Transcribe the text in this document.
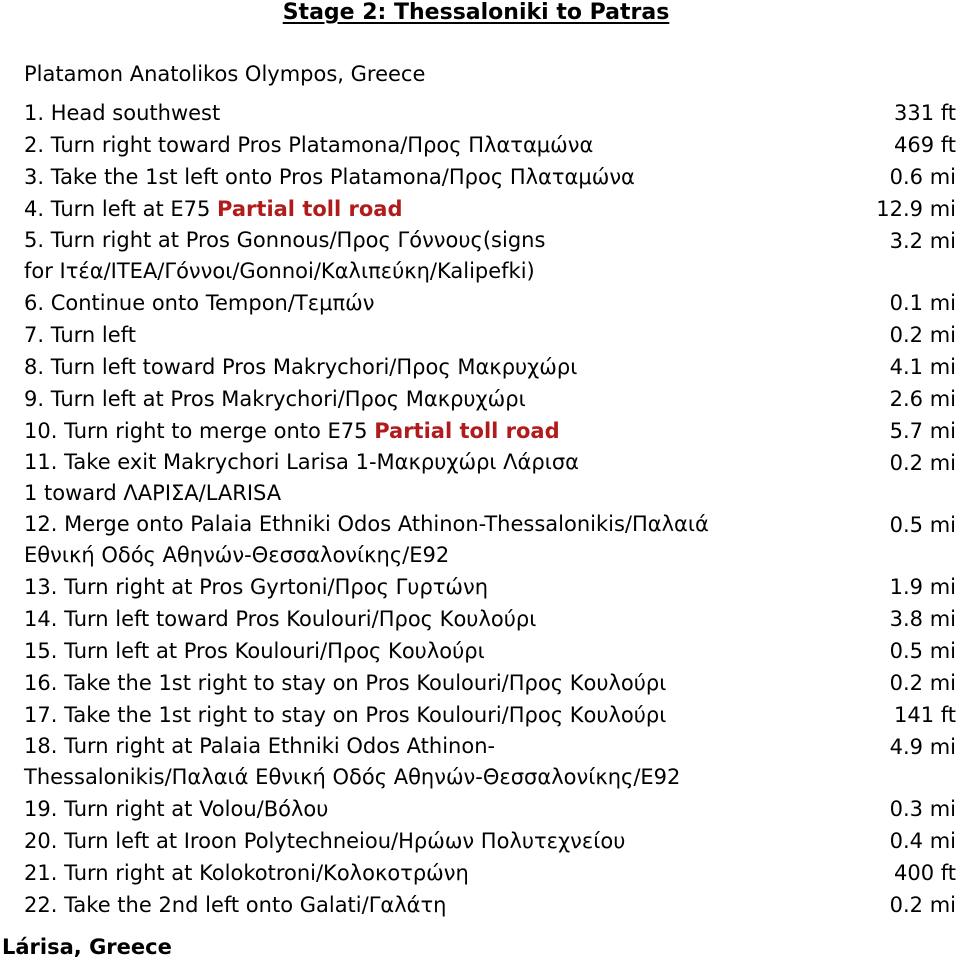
Stage 2: Thessaloniki to Patras
Platamon Anatolikos Olympos, Greece
1. Head southwest	331 ft
2. Turn right toward Pros Platamona/Προς Πλαταμώνα	469 ft
3. Take the 1st left onto Pros Platamona/Προς Πλαταμώνα	0.6 mi
4. Turn left at E75 Partial toll road	12.9 mi
5. Turn right at Pros Gonnous/Προς Γόννους(signs
for Ιτέα/ΙΤΕΑ/Γόννοι/Gonnoi/Καλιπεύκη/Kalipefki)
3.2 mi
6. Continue onto Tempon/Τεμπών	0.1 mi
7. Turn left	0.2 mi
8. Turn left toward Pros Makrychori/Προς Μακρυχώρι	4.1 mi
9. Turn left at Pros Makrychori/Προς Μακρυχώρι	2.6 mi
10. Turn right to merge onto E75 Partial toll road	5.7 mi
11. Take exit Makrychori Larisa 1-Μακρυχώρι Λάρισα
1 toward ΛΑΡΙΣΑ/LARISA
0.2 mi
12. Merge onto Palaia Ethniki Odos Athinon-Thessalonikis/Παλαιά
Εθνική Οδός Αθηνών-Θεσσαλονίκης/Ε92
0.5 mi
13. Turn right at Pros Gyrtoni/Προς Γυρτώνη	1.9 mi
14. Turn left toward Pros Koulouri/Προς Κουλούρι	3.8 mi
15. Turn left at Pros Koulouri/Προς Κουλούρι	0.5 mi
16. Take the 1st right to stay on Pros Koulouri/Προς Κουλούρι	0.2 mi
17. Take the 1st right to stay on Pros Koulouri/Προς Κουλούρι	141 ft
18. Turn right at Palaia Ethniki Odos Athinon-
Thessalonikis/Παλαιά Εθνική Οδός Αθηνών-Θεσσαλονίκης/Ε92
4.9 mi
19. Turn right at Volou/Βόλου	0.3 mi
20. Turn left at Iroon Polytechneiou/Ηρώων Πολυτεχνείου	0.4 mi
21. Turn right at Kolokotroni/Κολοκοτρώνη	400 ft
22. Take the 2nd left onto Galati/Γαλάτη	0.2 mi
Lárisa, Greece
